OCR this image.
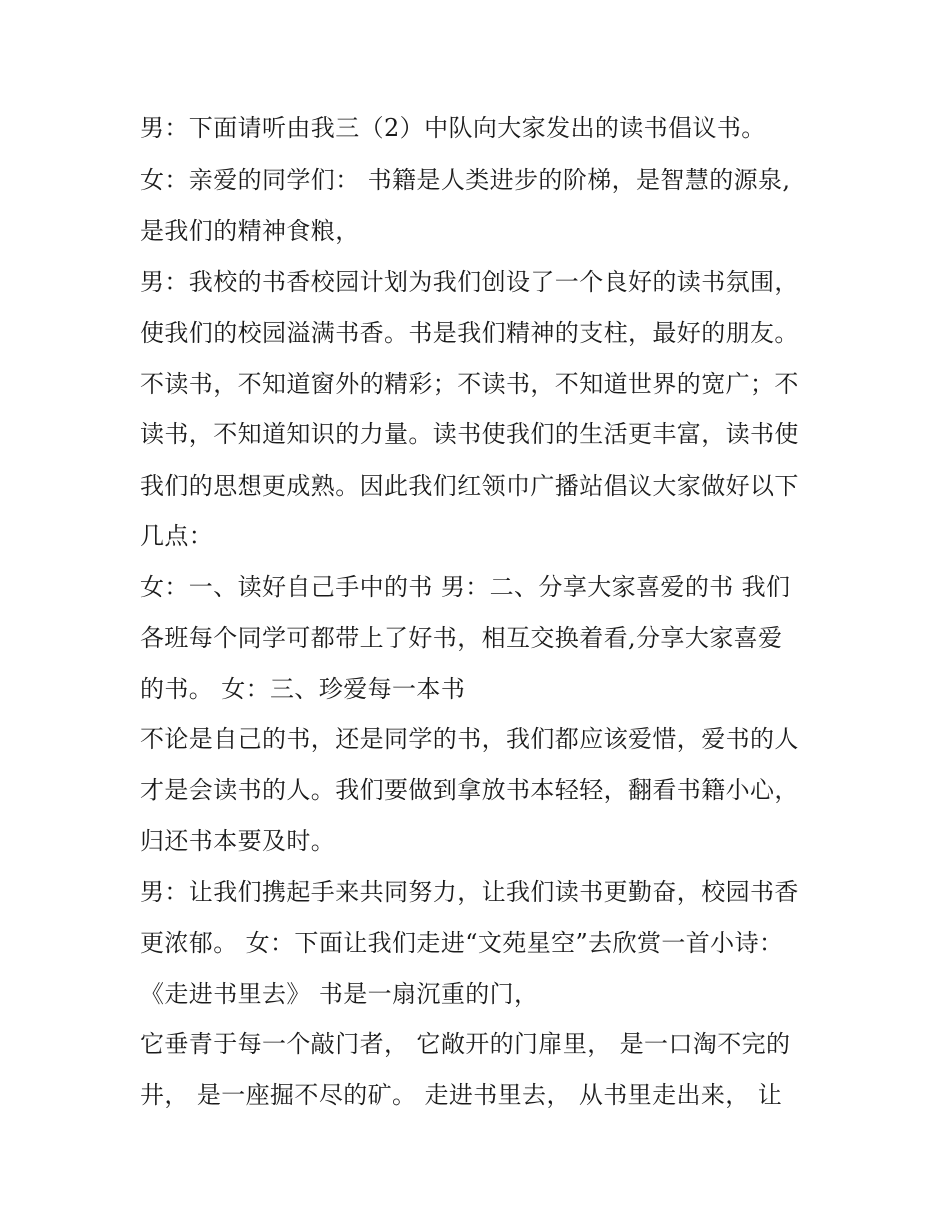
男：下面请听由我三（2）中队向大家发出的读书倡议书。
女：亲爱的同学们： 书籍是人类进步的阶梯，是智慧的源泉,
是我们的精神食粮，
男：我校的书香校园计划为我们创设了一个良好的读书氛围，
使我们的校园溢满书香。书是我们精神的支柱，最好的朋友。
不读书，不知道窗外的精彩；不读书，不知道世界的宽广；不
读书，不知道知识的力量。读书使我们的生活更丰富，读书使
我们的思想更成熟。因此我们红领巾广播站倡议大家做好以下
几点：
女：一、读好自己手中的书 男：二、分享大家喜爱的书 我们
各班每个同学可都带上了好书，相互交换着看,分享大家喜爱
的书。 女：三、珍爱每一本书
不论是自己的书，还是同学的书，我们都应该爱惜，爱书的人
才是会读书的人。我们要做到拿放书本轻轻，翻看书籍小心，
归还书本要及时。
男：让我们携起手来共同努力，让我们读书更勤奋，校园书香
更浓郁。 女：下面让我们走进“文苑星空”去欣赏一首小诗：
《走进书里去》 书是一扇沉重的门，
它垂青于每一个敲门者， 它敞开的门扉里， 是一口淘不完的
井， 是一座掘不尽的矿。 走进书里去， 从书里走出来， 让
